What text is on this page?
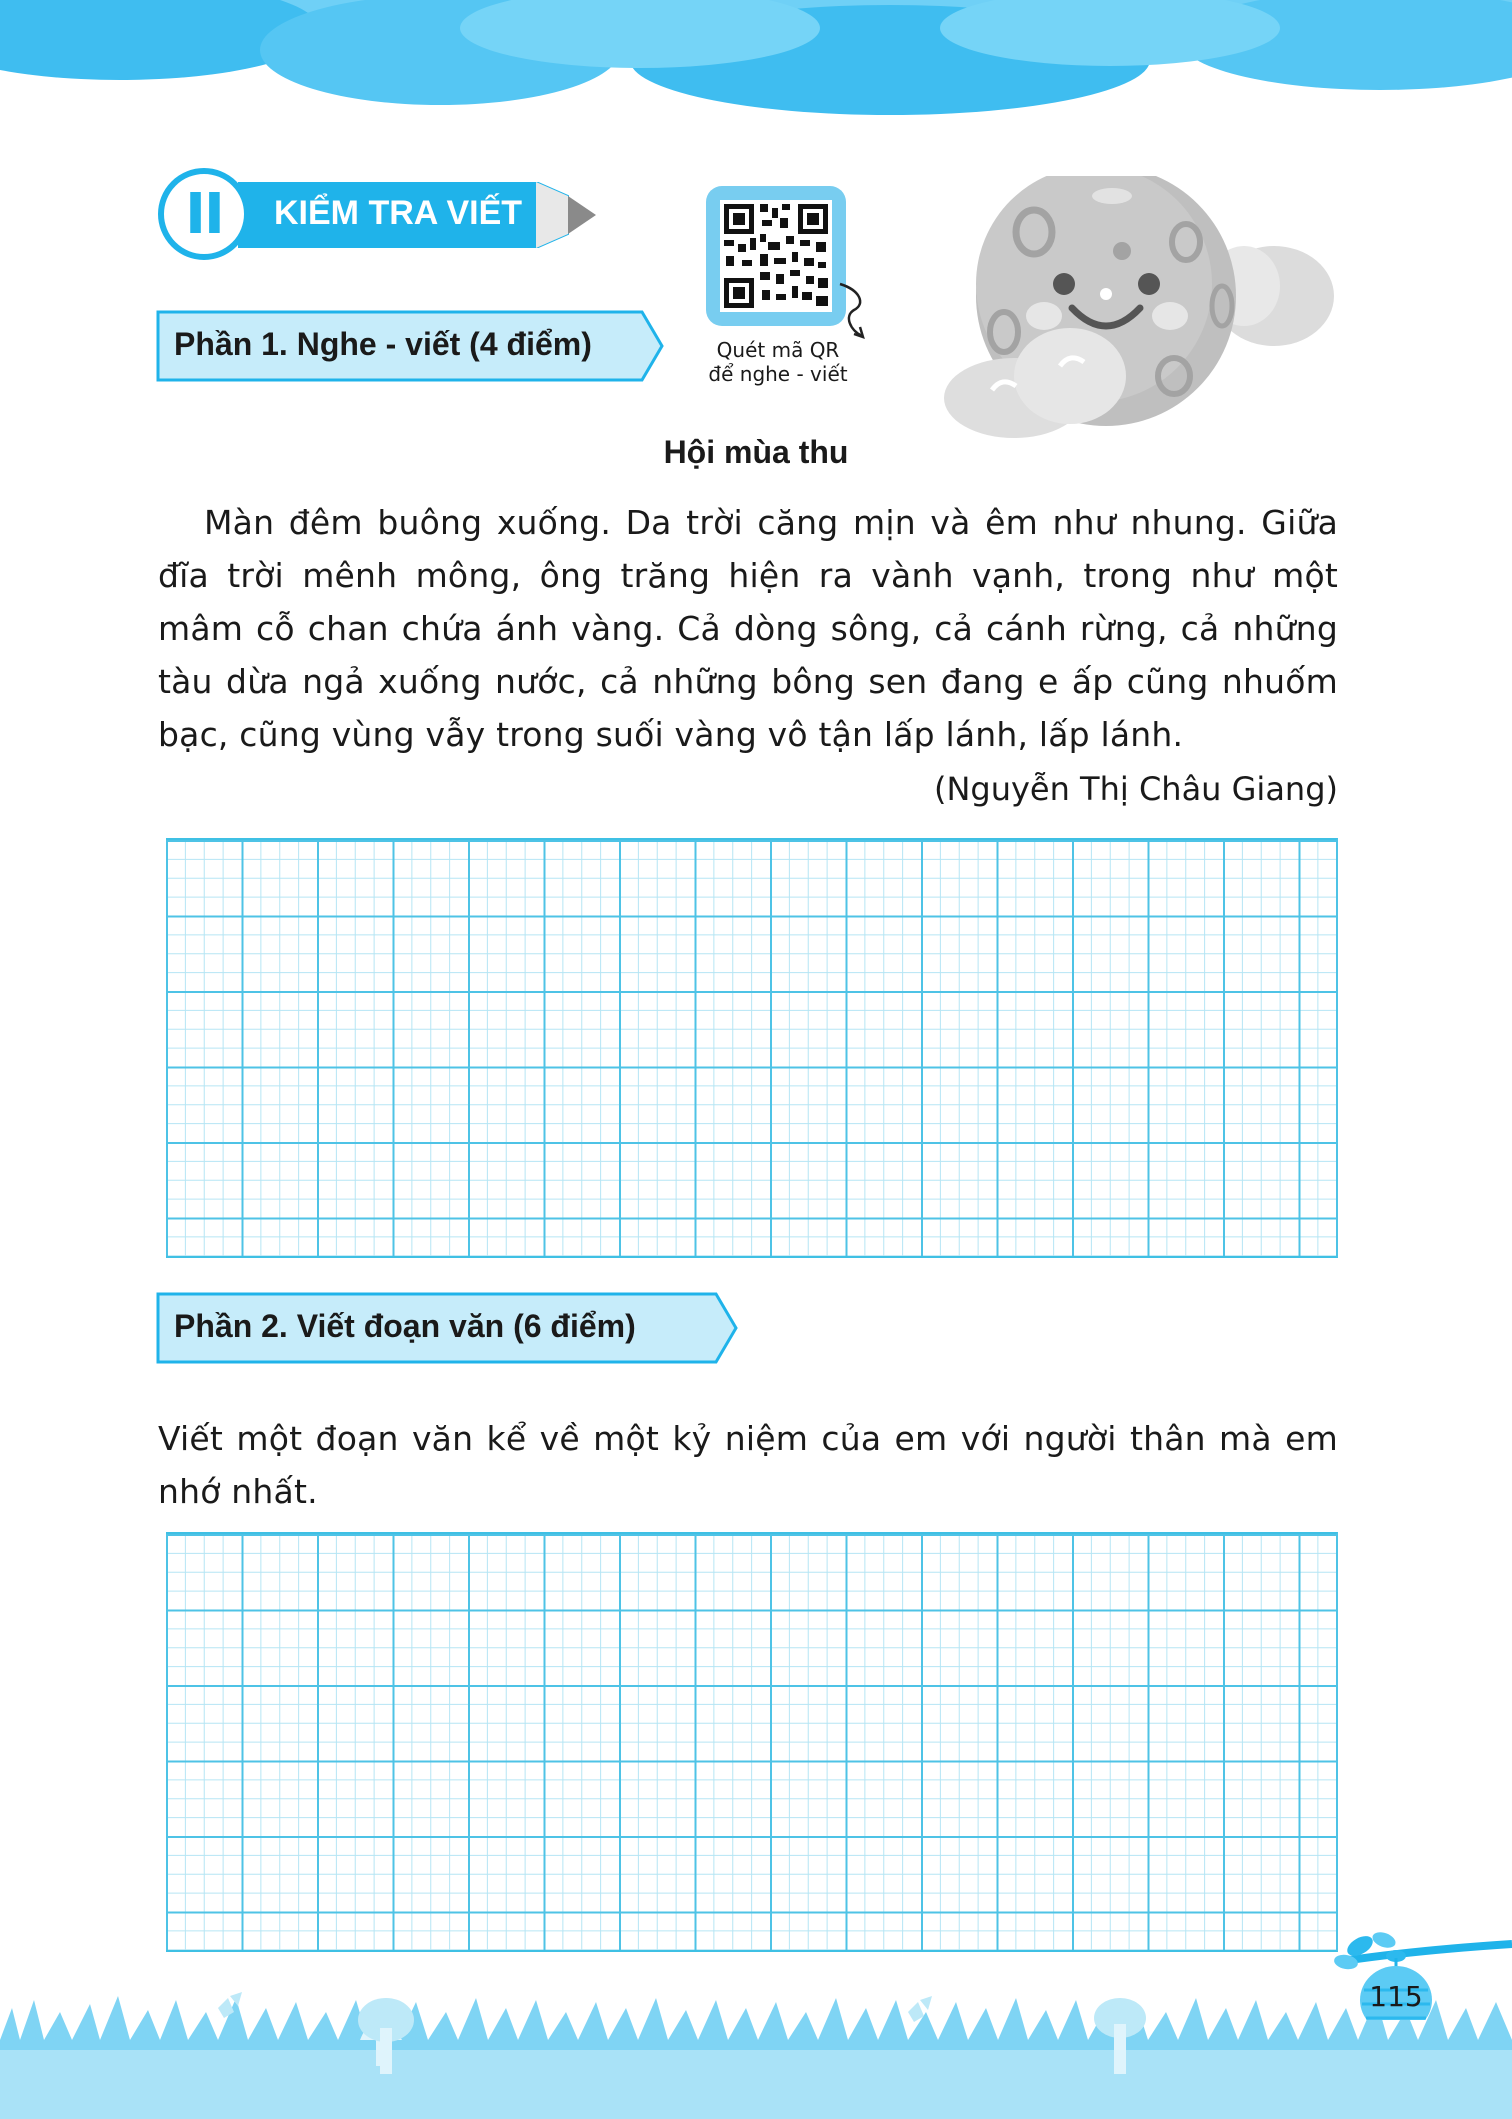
II	KIỂM TRA VIẾT
Phần 1. Nghe - viết (4 điểm)	Quét mã QR
để nghe - viết
Hội mùa thu

Màn đêm buông xuống. Da trời căng mịn và êm như nhung. Giữa đĩa trời mênh mông, ông trăng hiện ra vành vạnh, trong như một mâm cỗ chan chứa ánh vàng. Cả dòng sông, cả cánh rừng, cả những tàu dừa ngả xuống nước, cả những bông sen đang e ấp cũng nhuốm bạc, cũng vùng vẫy trong suối vàng vô tận lấp lánh, lấp lánh.

(Nguyễn Thị Châu Giang)
Phần 2. Viết đoạn văn (6 điểm)

Viết một đoạn văn kể về một kỷ niệm của em với người thân mà em nhớ nhất.

115
